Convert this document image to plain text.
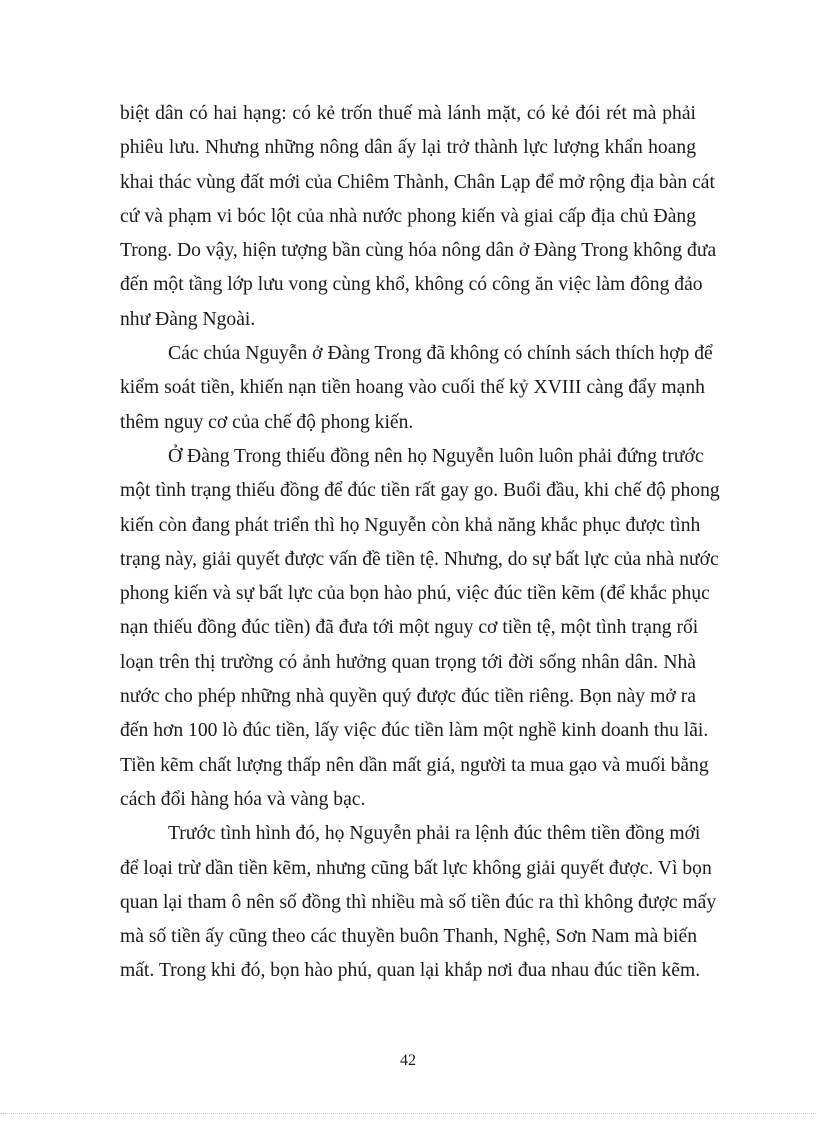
biệt dân có hai hạng: có kẻ trốn thuế mà lánh mặt, có kẻ đói rét mà phải
phiêu lưu. Nhưng những nông dân ấy lại trở thành lực lượng khẩn hoang
khai thác vùng đất mới của Chiêm Thành, Chân Lạp để mở rộng địa bàn cát
cứ và phạm vi bóc lột của nhà nước phong kiến và giai cấp địa chủ Đàng
Trong. Do vậy, hiện tượng bần cùng hóa nông dân ở Đàng Trong không đưa
đến một tầng lớp lưu vong cùng khổ, không có công ăn việc làm đông đảo
như Đàng Ngoài.
Các chúa Nguyễn ở Đàng Trong đã không có chính sách thích hợp để
kiểm soát tiền, khiến nạn tiền hoang vào cuối thế kỷ XVIII càng đẩy mạnh
thêm nguy cơ của chế độ phong kiến.
Ở Đàng Trong thiếu đồng nên họ Nguyễn luôn luôn phải đứng trước
một tình trạng thiếu đồng để đúc tiền rất gay go. Buổi đầu, khi chế độ phong
kiến còn đang phát triển thì họ Nguyễn còn khả năng khắc phục được tình
trạng này, giải quyết được vấn đề tiền tệ. Nhưng, do sự bất lực của nhà nước
phong kiến và sự bất lực của bọn hào phú, việc đúc tiền kẽm (để khắc phục
nạn thiếu đồng đúc tiền) đã đưa tới một nguy cơ tiền tệ, một tình trạng rối
loạn trên thị trường có ảnh hưởng quan trọng tới đời sống nhân dân. Nhà
nước cho phép những nhà quyền quý được đúc tiền riêng. Bọn này mở ra
đến hơn 100 lò đúc tiền, lấy việc đúc tiền làm một nghề kinh doanh thu lãi.
Tiền kẽm chất lượng thấp nên dần mất giá, người ta mua gạo và muối bằng
cách đổi hàng hóa và vàng bạc.
Trước tình hình đó, họ Nguyễn phải ra lệnh đúc thêm tiền đồng mới
để loại trừ dần tiền kẽm, nhưng cũng bất lực không giải quyết được. Vì bọn
quan lại tham ô nên số đồng thì nhiều mà số tiền đúc ra thì không được mấy
mà số tiền ấy cũng theo các thuyền buôn Thanh, Nghệ, Sơn Nam mà biến
mất. Trong khi đó, bọn hào phú, quan lại khắp nơi đua nhau đúc tiền kẽm.
42
